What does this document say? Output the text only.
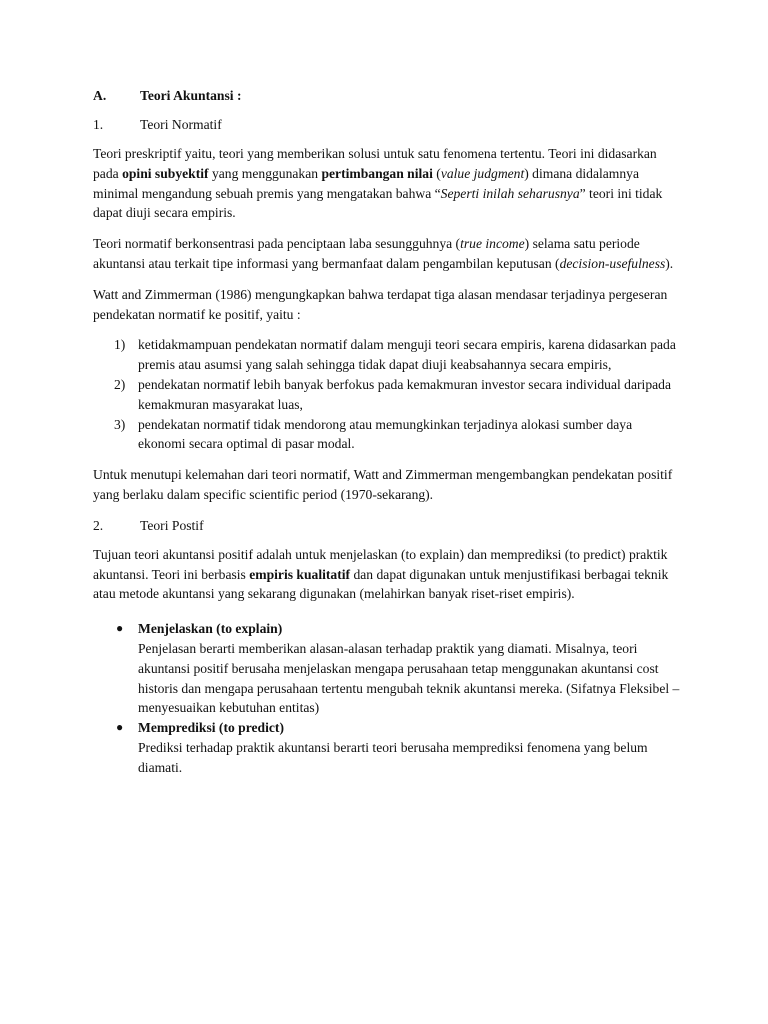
A.	Teori Akuntansi :
1.	Teori Normatif

Teori preskriptif yaitu, teori yang memberikan solusi untuk satu fenomena tertentu. Teori ini didasarkan pada opini subyektif yang menggunakan pertimbangan nilai (value judgment) dimana didalamnya minimal mengandung sebuah premis yang mengatakan bahwa “Seperti inilah seharusnya” teori ini tidak dapat diuji secara empiris.

Teori normatif berkonsentrasi pada penciptaan laba sesungguhnya (true income) selama satu periode akuntansi atau terkait tipe informasi yang bermanfaat dalam pengambilan keputusan (decision-usefulness).

Watt and Zimmerman (1986) mengungkapkan bahwa terdapat tiga alasan mendasar terjadinya pergeseran pendekatan normatif ke positif, yaitu :

1) ketidakmampuan pendekatan normatif dalam menguji teori secara empiris, karena didasarkan pada premis atau asumsi yang salah sehingga tidak dapat diuji keabsahannya secara empiris,
2) pendekatan normatif lebih banyak berfokus pada kemakmuran investor secara individual daripada kemakmuran masyarakat luas,
3) pendekatan normatif tidak mendorong atau memungkinkan terjadinya alokasi sumber daya ekonomi secara optimal di pasar modal.

Untuk menutupi kelemahan dari teori normatif, Watt and Zimmerman mengembangkan pendekatan positif yang berlaku dalam specific scientific period (1970-sekarang).

2.	Teori Postif

Tujuan teori akuntansi positif adalah untuk menjelaskan (to explain) dan memprediksi (to predict) praktik akuntansi. Teori ini berbasis empiris kualitatif dan dapat digunakan untuk menjustifikasi berbagai teknik atau metode akuntansi yang sekarang digunakan (melahirkan banyak riset-riset empiris).

●	Menjelaskan (to explain)
Penjelasan berarti memberikan alasan-alasan terhadap praktik yang diamati. Misalnya, teori akuntansi positif berusaha menjelaskan mengapa perusahaan tetap menggunakan akuntansi cost historis dan mengapa perusahaan tertentu mengubah teknik akuntansi mereka. (Sifatnya Fleksibel – menyesuaikan kebutuhan entitas)
●	Memprediksi (to predict)
Prediksi terhadap praktik akuntansi berarti teori berusaha memprediksi fenomena yang belum diamati.
